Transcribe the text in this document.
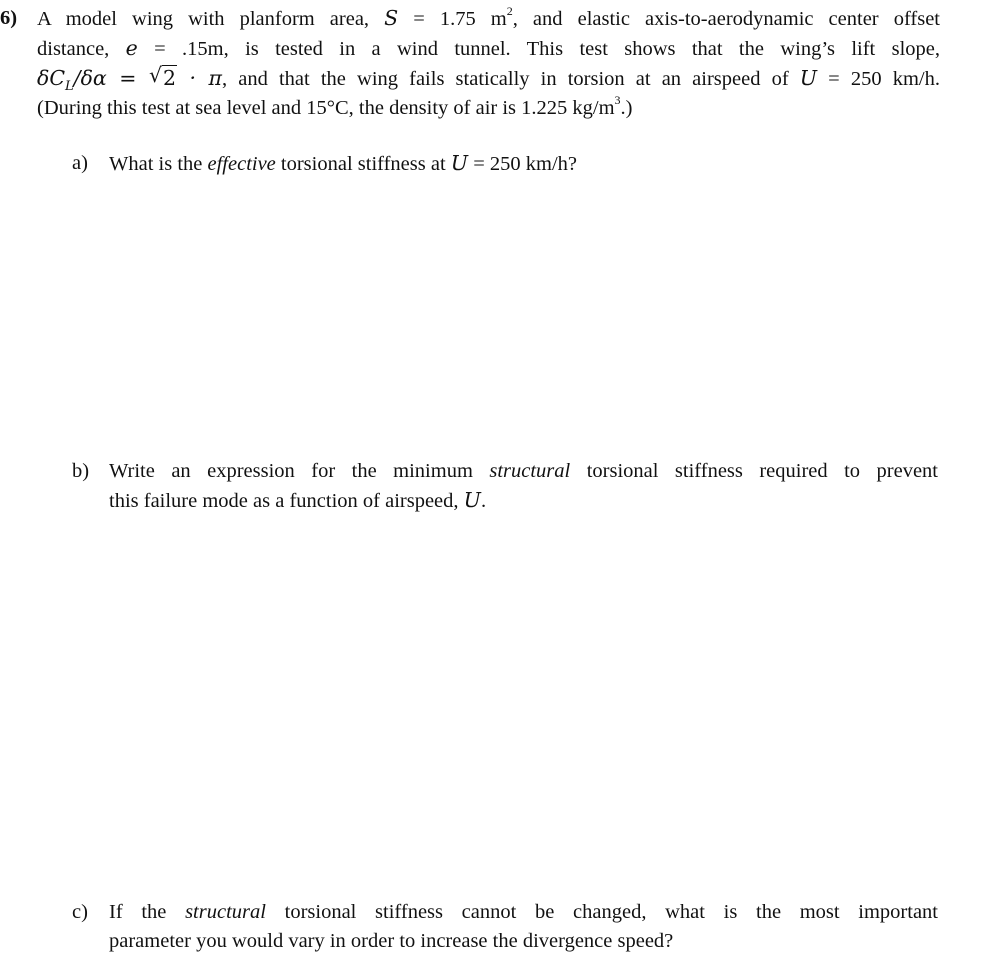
6) A model wing with planform area, S = 1.75 $m^2$, and elastic axis-to-aerodynamic center offset
distance, e = .15m, is tested in a wind tunnel. This test shows that the wing’s lift slope,
$\delta C_L/\delta\alpha$ = √ 2 · π, and that the wing fails statically in torsion at an airspeed of U = 250 km/h.
(During this test at sea level and 15°C, the density of air is 1.225 $kg/m^3$.)
a) What is the effective torsional stiffness at U = 250 km/h?
b) Write an expression for the minimum structural torsional stiffness required to prevent
this failure mode as a function of airspeed, U.
c) If the structural torsional stiffness cannot be changed, what is the most important
parameter you would vary in order to increase the divergence speed?
